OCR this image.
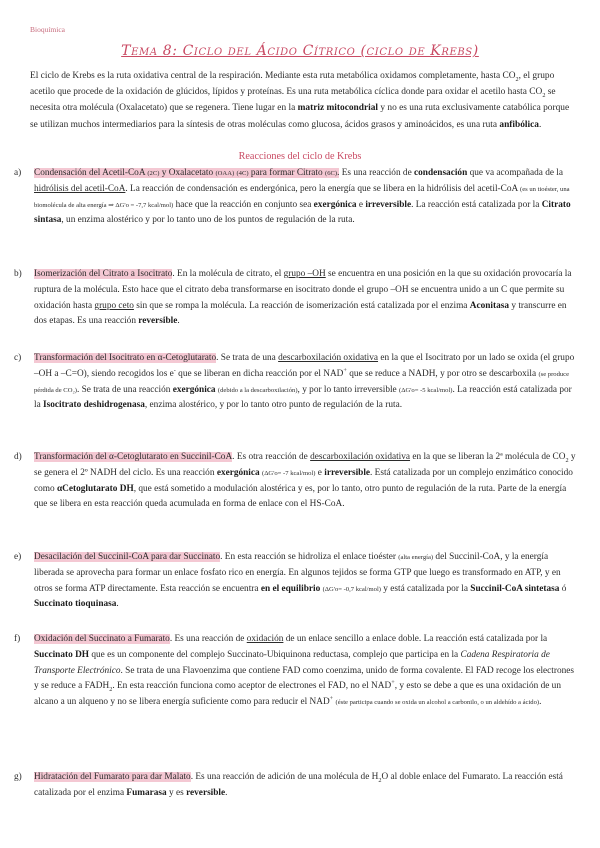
Bioquímica
Tema 8: Ciclo del Ácido Cítrico (ciclo de Krebs)
El ciclo de Krebs es la ruta oxidativa central de la respiración. Mediante esta ruta metabólica oxidamos completamente, hasta $CO_2$, el grupo acetilo que procede de la oxidación de glúcidos, lípidos y proteínas. Es una ruta metabólica cíclica donde para oxidar el acetilo hasta $CO_2$ se necesita otra molécula (Oxalacetato) que se regenera. Tiene lugar en la matriz mitocondrial y no es una ruta exclusivamente catabólica porque se utilizan muchos intermediarios para la síntesis de otras moléculas como glucosa, ácidos grasos y aminoácidos, es una ruta anfibólica.
Reacciones del ciclo de Krebs
a)	Condensación del Acetil-CoA (2C) y Oxalacetato (OAA) (4C) para formar Citrato (6C). Es una reacción de condensación que va acompañada de la hidrólisis del acetil-CoA. La reacción de condensación es endergónica, pero la energía que se libera en la hidrólisis del acetil-CoA (es un tioéster, una biomolécula de alta energía ⇒ ΔG'o = -7,7 kcal/mol) hace que la reacción en conjunto sea exergónica e irreversible. La reacción está catalizada por la Citrato sintasa, un enzima alostérico y por lo tanto uno de los puntos de regulación de la ruta.
b)	Isomerización del Citrato a Isocitrato. En la molécula de citrato, el grupo –OH se encuentra en una posición en la que su oxidación provocaría la ruptura de la molécula. Esto hace que el citrato deba transformarse en isocitrato donde el grupo –OH se encuentra unido a un C que permite su oxidación hasta grupo ceto sin que se rompa la molécula. La reacción de isomerización está catalizada por el enzima Aconitasa y transcurre en dos etapas. Es una reacción reversible.
c)	Transformación del Isocitrato en α-Cetoglutarato. Se trata de una descarboxilación oxidativa en la que el Isocitrato por un lado se oxida (el grupo –OH a –C=O), siendo recogidos los e- que se liberan en dicha reacción por el NAD+ que se reduce a NADH, y por otro se descarboxila (se produce pérdida de CO₂). Se trata de una reacción exergónica (debido a la descarboxilación), y por lo tanto irreversible (ΔG'o= -5 kcal/mol). La reacción está catalizada por la Isocitrato deshidrogenasa, enzima alostérico, y por lo tanto otro punto de regulación de la ruta.
d)	Transformación del α-Cetoglutarato en Succinil-CoA. Es otra reacción de descarboxilación oxidativa en la que se liberan la 2ª molécula de $CO_2$ y se genera el 2º NADH del ciclo. Es una reacción exergónica (ΔG'o= -7 kcal/mol) e irreversible. Está catalizada por un complejo enzimático conocido como αCetoglutarato DH, que está sometido a modulación alostérica y es, por lo tanto, otro punto de regulación de la ruta. Parte de la energía que se libera en esta reacción queda acumulada en forma de enlace con el HS-CoA.
e)	Desacilación del Succinil-CoA para dar Succinato. En esta reacción se hidroliza el enlace tioéster (alta energía) del Succinil-CoA, y la energía liberada se aprovecha para formar un enlace fosfato rico en energía. En algunos tejidos se forma GTP que luego es transformado en ATP, y en otros se forma ATP directamente. Esta reacción se encuentra en el equilibrio (ΔG'o= -0,7 kcal/mol) y está catalizada por la Succinil-CoA sintetasa ó Succinato tioquinasa.
f)	Oxidación del Succinato a Fumarato. Es una reacción de oxidación de un enlace sencillo a enlace doble. La reacción está catalizada por la Succinato DH que es un componente del complejo Succinato-Ubiquinona reductasa, complejo que participa en la Cadena Respiratoria de Transporte Electrónico. Se trata de una Flavoenzima que contiene FAD como coenzima, unido de forma covalente. El FAD recoge los electrones y se reduce a $FADH_2$. En esta reacción funciona como aceptor de electrones el FAD, no el NAD+, y esto se debe a que es una oxidación de un alcano a un alqueno y no se libera energía suficiente como para reducir el NAD+ (éste participa cuando se oxida un alcohol a carbonilo, o un aldehído a ácido).
g)	Hidratación del Fumarato para dar Malato. Es una reacción de adición de una molécula de $H_2O$ al doble enlace del Fumarato. La reacción está catalizada por el enzima Fumarasa y es reversible.
